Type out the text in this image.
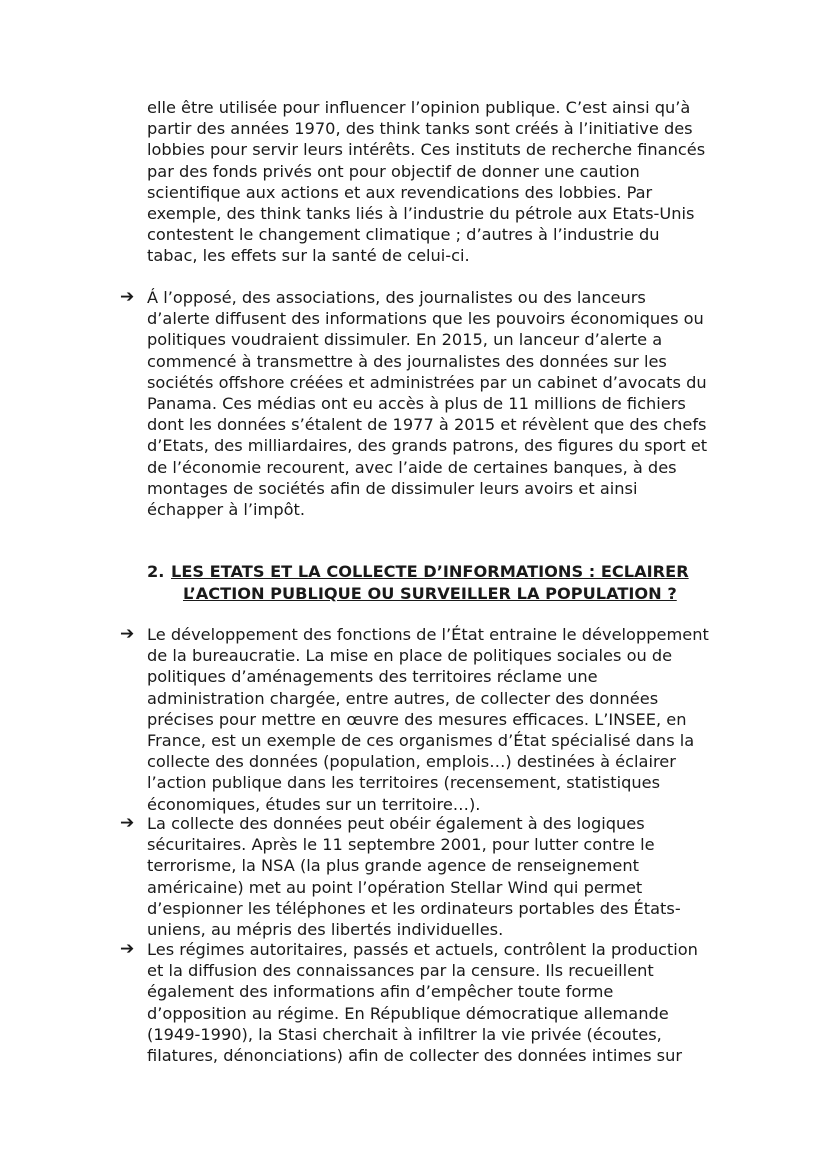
elle être utilisée pour influencer l’opinion publique. C’est ainsi qu’à
partir des années 1970, des think tanks sont créés à l’initiative des
lobbies pour servir leurs intérêts. Ces instituts de recherche financés
par des fonds privés ont pour objectif de donner une caution
scientifique aux actions et aux revendications des lobbies. Par
exemple, des think tanks liés à l’industrie du pétrole aux Etats-Unis
contestent le changement climatique ; d’autres à l’industrie du
tabac, les effets sur la santé de celui-ci.
➔ Á l’opposé, des associations, des journalistes ou des lanceurs
d’alerte diffusent des informations que les pouvoirs économiques ou
politiques voudraient dissimuler. En 2015, un lanceur d’alerte a
commencé à transmettre à des journalistes des données sur les
sociétés offshore créées et administrées par un cabinet d’avocats du
Panama. Ces médias ont eu accès à plus de 11 millions de fichiers
dont les données s’étalent de 1977 à 2015 et révèlent que des chefs
d’Etats, des milliardaires, des grands patrons, des figures du sport et
de l’économie recourent, avec l’aide de certaines banques, à des
montages de sociétés afin de dissimuler leurs avoirs et ainsi
échapper à l’impôt.
2. LES ETATS ET LA COLLECTE D’INFORMATIONS : ECLAIRER
L’ACTION PUBLIQUE OU SURVEILLER LA POPULATION ?
➔ Le développement des fonctions de l’État entraine le développement
de la bureaucratie. La mise en place de politiques sociales ou de
politiques d’aménagements des territoires réclame une
administration chargée, entre autres, de collecter des données
précises pour mettre en œuvre des mesures efficaces. L’INSEE, en
France, est un exemple de ces organismes d’État spécialisé dans la
collecte des données (population, emplois…) destinées à éclairer
l’action publique dans les territoires (recensement, statistiques
économiques, études sur un territoire…).
➔ La collecte des données peut obéir également à des logiques
sécuritaires. Après le 11 septembre 2001, pour lutter contre le
terrorisme, la NSA (la plus grande agence de renseignement
américaine) met au point l’opération Stellar Wind qui permet
d’espionner les téléphones et les ordinateurs portables des États-
uniens, au mépris des libertés individuelles.
➔ Les régimes autoritaires, passés et actuels, contrôlent la production
et la diffusion des connaissances par la censure. Ils recueillent
également des informations afin d’empêcher toute forme
d’opposition au régime. En République démocratique allemande
(1949-1990), la Stasi cherchait à infiltrer la vie privée (écoutes,
filatures, dénonciations) afin de collecter des données intimes sur
